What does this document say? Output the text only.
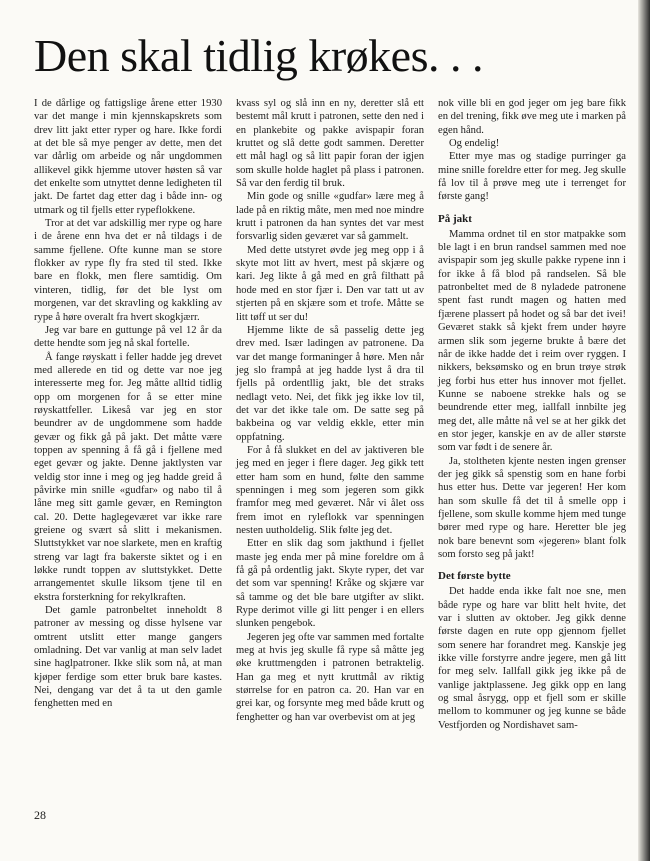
Den skal tidlig krøkes. . .

I de dårlige og fattigslige årene etter 1930 var det mange i min kjennskapskrets som drev litt jakt etter ryper og hare. Ikke fordi at det ble så mye penger av dette, men det var dårlig om arbeide og når ungdommen allikevel gikk hjemme utover høsten så var det enkelte som utnyttet denne ledigheten til jakt. De fartet dag etter dag i både inn- og utmark og til fjells etter rypeflokkene.

Tror at det var adskillig mer rype og hare i de årene enn hva det er nå tildags i de samme fjellene. Ofte kunne man se store flokker av rype fly fra sted til sted. Ikke bare en flokk, men flere samtidig. Om vinteren, tidlig, før det ble lyst om morgenen, var det skravling og kakkling av rype å høre overalt fra hvert skogkjærr.

Jeg var bare en guttunge på vel 12 år da dette hendte som jeg nå skal fortelle.

Å fange røyskatt i feller hadde jeg drevet med allerede en tid og dette var noe jeg interesserte meg for. Jeg måtte alltid tidlig opp om morgenen for å se etter mine røyskattfeller. Likeså var jeg en stor beundrer av de ungdommene som hadde gevær og fikk gå på jakt. Det måtte være toppen av spenning å få gå i fjellene med eget gevær og jakte. Denne jaktlysten var veldig stor inne i meg og jeg hadde greid å påvirke min snille «gudfar» og nabo til å låne meg sitt gamle gevær, en Remington cal. 20. Dette haglegeværet var ikke rare greiene og svært så slitt i mekanismen. Sluttstykket var noe slarkete, men en kraftig streng var lagt fra bakerste siktet og i en løkke rundt toppen av sluttstykket. Dette arrangementet skulle liksom tjene til en ekstra forsterkning for rekylkraften.

Det gamle patronbeltet inneholdt 8 patroner av messing og disse hylsene var omtrent utslitt etter mange gangers omladning. Det var vanlig at man selv ladet sine haglpatroner. Ikke slik som nå, at man kjøper ferdige som etter bruk bare kastes. Nei, dengang var det å ta ut den gamle fenghetten med en

kvass syl og slå inn en ny, deretter slå ett bestemt mål krutt i patronen, sette den ned i en plankebite og pakke avispapir foran kruttet og slå dette godt sammen. Deretter ett mål hagl og så litt papir foran der igjen som skulle holde haglet på plass i patronen. Så var den ferdig til bruk.

Min gode og snille «gudfar» lære meg å lade på en riktig måte, men med noe mindre krutt i patronen da han syntes det var mest forsvarlig siden geværet var så gammelt.

Med dette utstyret øvde jeg meg opp i å skyte mot litt av hvert, mest på skjære og kari. Jeg likte å gå med en grå filthatt på hode med en stor fjær i. Den var tatt ut av stjerten på en skjære som et trofe. Måtte se litt tøff ut ser du!

Hjemme likte de så passelig dette jeg drev med. Især ladingen av patronene. Da var det mange formaninger å høre. Men når jeg slo frampå at jeg hadde lyst å dra til fjells på ordentllig jakt, ble det straks nedlagt veto. Nei, det fikk jeg ikke lov til, det var det ikke tale om. De satte seg på bakbeina og var veldig ekkle, etter min oppfatning.

For å få slukket en del av jaktiveren ble jeg med en jeger i flere dager. Jeg gikk tett etter ham som en hund, følte den samme spenningen i meg som jegeren som gikk framfor meg med geværet. Når vi ålet oss frem imot en ryleflokk var spenningen nesten uutholdelig. Slik følte jeg det.

Etter en slik dag som jakthund i fjellet maste jeg enda mer på mine foreldre om å få gå på ordentlig jakt. Skyte ryper, det var det som var spenning! Kråke og skjære var så tamme og det ble bare utgifter av slikt. Rype derimot ville gi litt penger i en ellers slunken pengebok.

Jegeren jeg ofte var sammen med fortalte meg at hvis jeg skulle få rype så måtte jeg øke kruttmengden i patronen betraktelig. Han ga meg et nytt kruttmål av riktig størrelse for en patron ca. 20. Han var en grei kar, og forsynte meg med både krutt og fenghetter og han var overbevist om at jeg

nok ville bli en god jeger om jeg bare fikk en del trening, fikk øve meg ute i marken på egen hånd.

Og endelig!

Etter mye mas og stadige purringer ga mine snille foreldre etter for meg. Jeg skulle få lov til å prøve meg ute i terrenget for første gang!

På jakt

Mamma ordnet til en stor matpakke som ble lagt i en brun randsel sammen med noe avispapir som jeg skulle pakke rypene inn i for ikke å få blod på randselen. Så ble patronbeltet med de 8 nyladede patronene spent fast rundt magen og hatten med fjærene plassert på hodet og så bar det ivei! Geværet stakk så kjekt frem under høyre armen slik som jegerne brukte å bære det når de ikke hadde det i reim over ryggen. I nikkers, beksømsko og en brun trøye strøk jeg forbi hus etter hus innover mot fjellet. Kunne se naboene strekke hals og se beundrende etter meg, iallfall innbilte jeg meg det, alle måtte nå vel se at her gikk det en stor jeger, kanskje en av de aller største som var født i de senere år.

Ja, stoltheten kjente nesten ingen grenser der jeg gikk så spenstig som en hane forbi hus etter hus. Dette var jegeren! Her kom han som skulle få det til å smelle opp i fjellene, som skulle komme hjem med tunge bører med rype og hare. Heretter ble jeg nok bare benevnt som «jegeren» blant folk som forsto seg på jakt!

Det første bytte

Det hadde enda ikke falt noe sne, men både rype og hare var blitt helt hvite, det var i slutten av oktober. Jeg gikk denne første dagen en rute opp gjennom fjellet som senere har forandret meg. Kanskje jeg ikke ville forstyrre andre jegere, men gå litt for meg selv. Iallfall gikk jeg ikke på de vanlige jaktplassene. Jeg gikk opp en lang og smal åsrygg, opp et fjell som er skille mellom to kommuner og jeg kunne se både Vestfjorden og Nordishavet sam-

28
